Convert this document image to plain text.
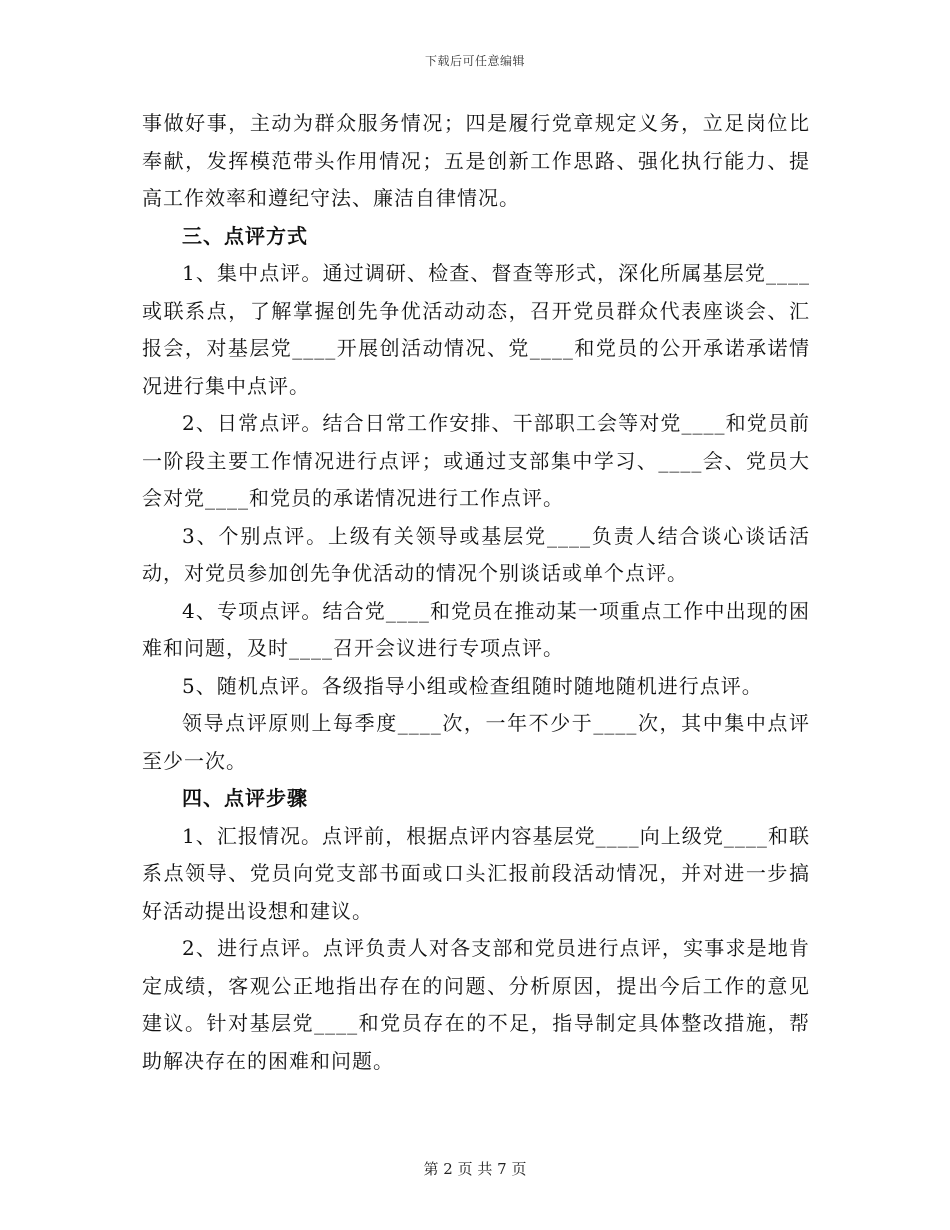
下载后可任意编辑

事做好事，主动为群众服务情况；四是履行党章规定义务，立足岗位比奉献，发挥模范带头作用情况；五是创新工作思路、强化执行能力、提高工作效率和遵纪守法、廉洁自律情况。

三、点评方式

1、集中点评。通过调研、检查、督查等形式，深化所属基层党____或联系点，了解掌握创先争优活动动态，召开党员群众代表座谈会、汇报会，对基层党____开展创活动情况、党____和党员的公开承诺承诺情况进行集中点评。

2、日常点评。结合日常工作安排、干部职工会等对党____和党员前一阶段主要工作情况进行点评；或通过支部集中学习、____会、党员大会对党____和党员的承诺情况进行工作点评。

3、个别点评。上级有关领导或基层党____负责人结合谈心谈话活动，对党员参加创先争优活动的情况个别谈话或单个点评。

4、专项点评。结合党____和党员在推动某一项重点工作中出现的困难和问题，及时____召开会议进行专项点评。

5、随机点评。各级指导小组或检查组随时随地随机进行点评。

领导点评原则上每季度____次，一年不少于____次，其中集中点评至少一次。

四、点评步骤

1、汇报情况。点评前，根据点评内容基层党____向上级党____和联系点领导、党员向党支部书面或口头汇报前段活动情况，并对进一步搞好活动提出设想和建议。

2、进行点评。点评负责人对各支部和党员进行点评，实事求是地肯定成绩，客观公正地指出存在的问题、分析原因，提出今后工作的意见建议。针对基层党____和党员存在的不足，指导制定具体整改措施，帮助解决存在的困难和问题。

第 2 页 共 7 页
